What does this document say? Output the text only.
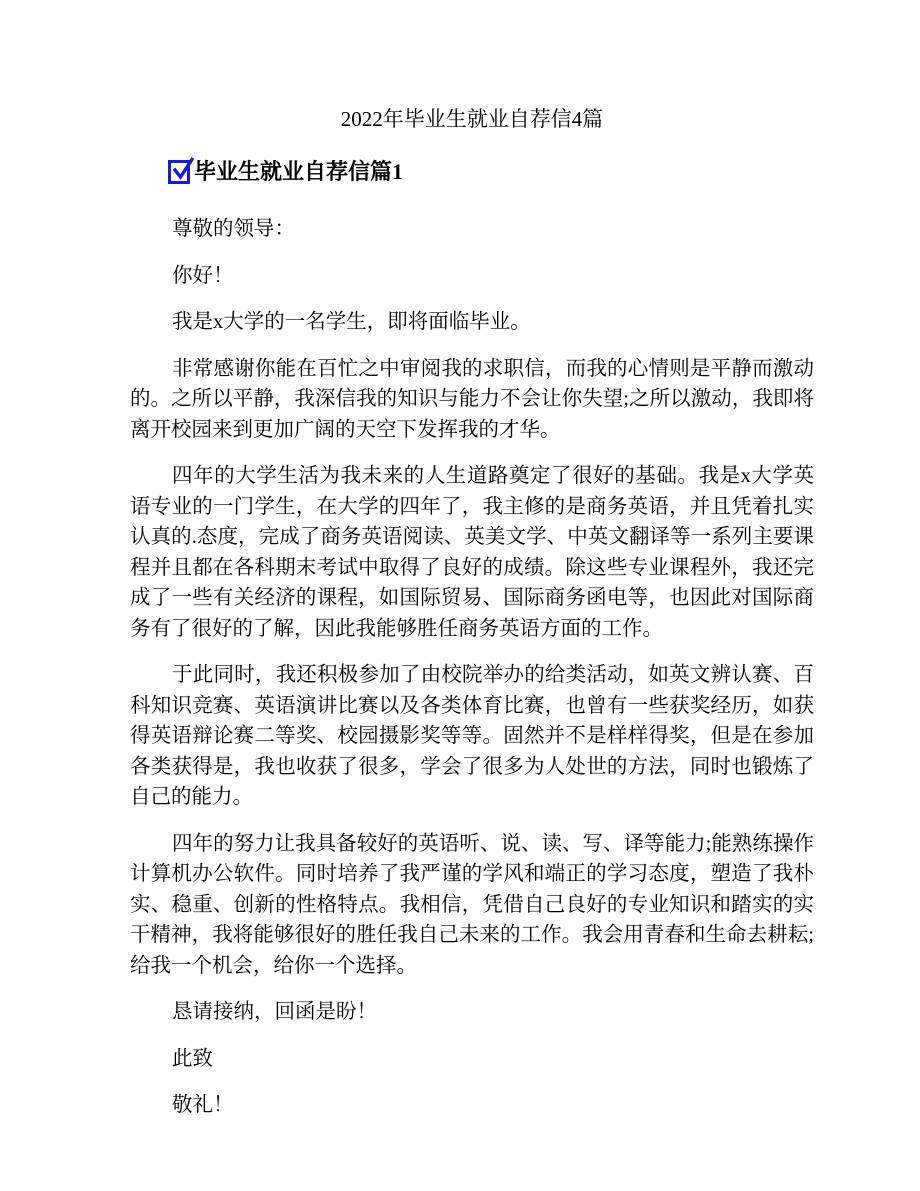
2022年毕业生就业自荐信4篇
毕业生就业自荐信篇1

尊敬的领导：

你好！

我是x大学的一名学生，即将面临毕业。

非常感谢你能在百忙之中审阅我的求职信，而我的心情则是平静而激动的。之所以平静，我深信我的知识与能力不会让你失望;之所以激动，我即将离开校园来到更加广阔的天空下发挥我的才华。

四年的大学生活为我未来的人生道路奠定了很好的基础。我是x大学英语专业的一门学生，在大学的四年了，我主修的是商务英语，并且凭着扎实认真的.态度，完成了商务英语阅读、英美文学、中英文翻译等一系列主要课程并且都在各科期末考试中取得了良好的成绩。除这些专业课程外，我还完成了一些有关经济的课程，如国际贸易、国际商务函电等，也因此对国际商务有了很好的了解，因此我能够胜任商务英语方面的工作。

于此同时，我还积极参加了由校院举办的给类活动，如英文辨认赛、百科知识竞赛、英语演讲比赛以及各类体育比赛，也曾有一些获奖经历，如获得英语辩论赛二等奖、校园摄影奖等等。固然并不是样样得奖，但是在参加各类获得是，我也收获了很多，学会了很多为人处世的方法，同时也锻炼了自己的能力。

四年的努力让我具备较好的英语听、说、读、写、译等能力;能熟练操作计算机办公软件。同时培养了我严谨的学风和端正的学习态度，塑造了我朴实、稳重、创新的性格特点。我相信，凭借自己良好的专业知识和踏实的实干精神，我将能够很好的胜任我自己未来的工作。我会用青春和生命去耕耘;给我一个机会，给你一个选择。

恳请接纳，回函是盼！

此致

敬礼！
